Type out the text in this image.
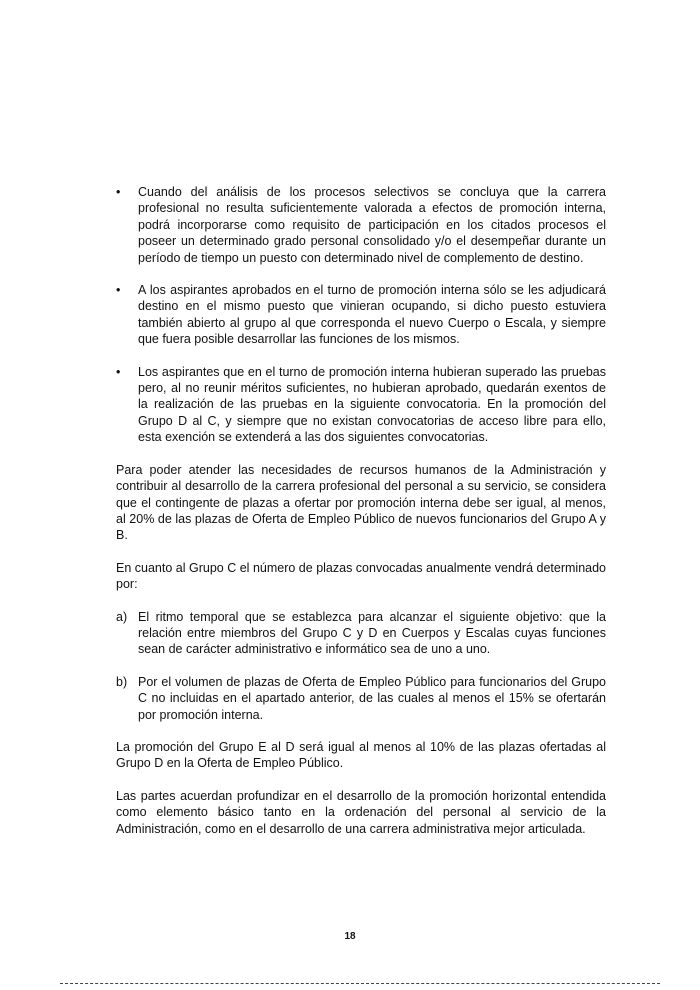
•	Cuando del análisis de los procesos selectivos se concluya que la carrera profesional no resulta suficientemente valorada a efectos de promoción interna, podrá incorporarse como requisito de participación en los citados procesos el poseer un determinado grado personal consolidado y/o el desempeñar durante un período de tiempo un puesto con determinado nivel de complemento de destino.
•	A los aspirantes aprobados en el turno de promoción interna sólo se les adjudicará destino en el mismo puesto que vinieran ocupando, si dicho puesto estuviera también abierto al grupo al que corresponda el nuevo Cuerpo o Escala, y siempre que fuera posible desarrollar las funciones de los mismos.
•	Los aspirantes que en el turno de promoción interna hubieran superado las pruebas pero, al no reunir méritos suficientes, no hubieran aprobado, quedarán exentos de la realización de las pruebas en la siguiente convocatoria. En la promoción del Grupo D al C, y siempre que no existan convocatorias de acceso libre para ello, esta exención se extenderá a las dos siguientes convocatorias.

Para poder atender las necesidades de recursos humanos de la Administración y contribuir al desarrollo de la carrera profesional del personal a su servicio, se considera que el contingente de plazas a ofertar por promoción interna debe ser igual, al menos, al 20% de las plazas de Oferta de Empleo Público de nuevos funcionarios del Grupo A y B.

En cuanto al Grupo C el número de plazas convocadas anualmente vendrá determinado por:

a) El ritmo temporal que se establezca para alcanzar el siguiente objetivo: que la relación entre miembros del Grupo C y D en Cuerpos y Escalas cuyas funciones sean de carácter administrativo e informático sea de uno a uno.
b) Por el volumen de plazas de Oferta de Empleo Público para funcionarios del Grupo C no incluidas en el apartado anterior, de las cuales al menos el 15% se ofertarán por promoción interna.

La promoción del Grupo E al D será igual al menos al 10% de las plazas ofertadas al Grupo D en la Oferta de Empleo Público.

Las partes acuerdan profundizar en el desarrollo de la promoción horizontal entendida como elemento básico tanto en la ordenación del personal al servicio de la Administración, como en el desarrollo de una carrera administrativa mejor articulada.

18
